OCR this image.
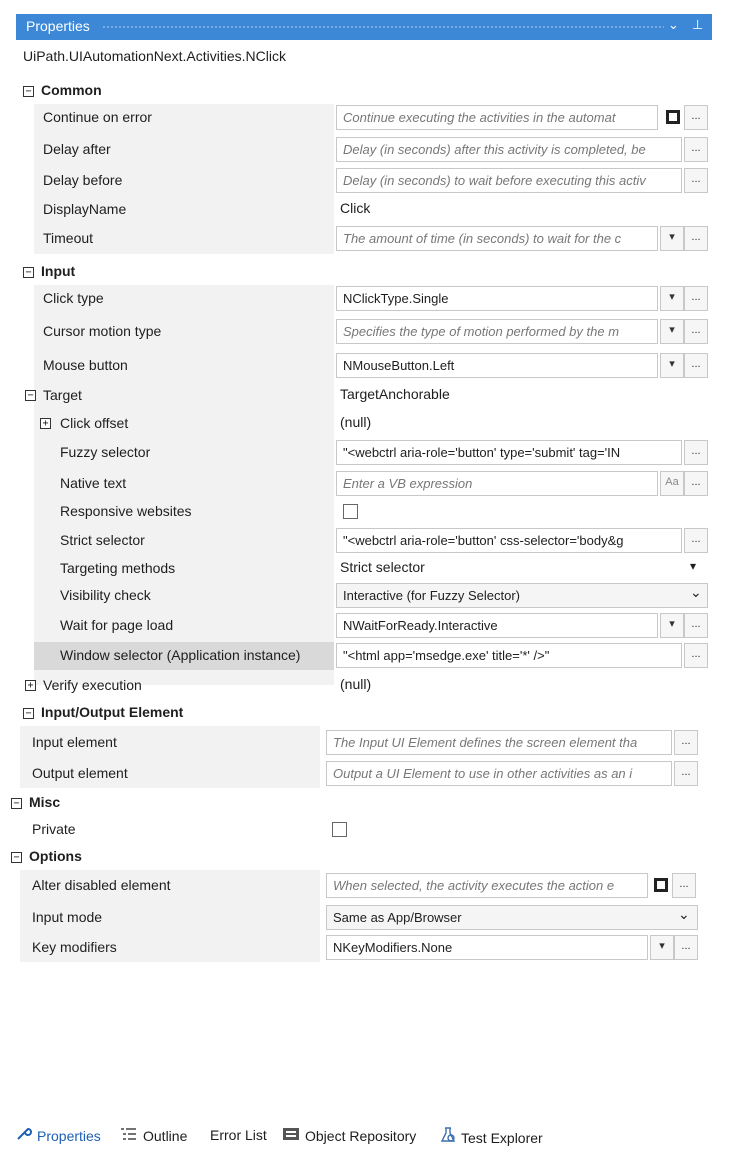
Properties	⌄ ⊥
UiPath.UIAutomationNext.Activities.NClick
− Common
Continue on error	Continue executing the activities in the automat	...
Delay after	Delay (in seconds) after this activity is completed, be	...
Delay before	Delay (in seconds) to wait before executing this activ	...
DisplayName	Click
Timeout	The amount of time (in seconds) to wait for the c	▾	...
− Input
Click type	NClickType.Single	▾	...
Cursor motion type	Specifies the type of motion performed by the m	▾	...
Mouse button	NMouseButton.Left	▾	...
− Target	TargetAnchorable
+ Click offset	(null)
Fuzzy selector	"<webctrl aria-role='button' type='submit' tag='IN	...
Native text	Enter a VB expression	Aa	...
Responsive websites
Strict selector	"<webctrl aria-role='button' css-selector='body&g	...
Targeting methods	Strict selector	▾
Visibility check	Interactive (for Fuzzy Selector)	⌄
Wait for page load	NWaitForReady.Interactive	▾	...
Window selector (Application instance)	"<html app='msedge.exe' title='*' />"	...
+ Verify execution	(null)
− Input/Output Element
Input element	The Input UI Element defines the screen element tha	...
Output element	Output a UI Element to use in other activities as an i	...
− Misc
Private
− Options
Alter disabled element	When selected, the activity executes the action e	...
Input mode	Same as App/Browser	⌄
Key modifiers	NKeyModifiers.None	▾	...
Properties	Outline Error List	Object Repository	Test Explorer
